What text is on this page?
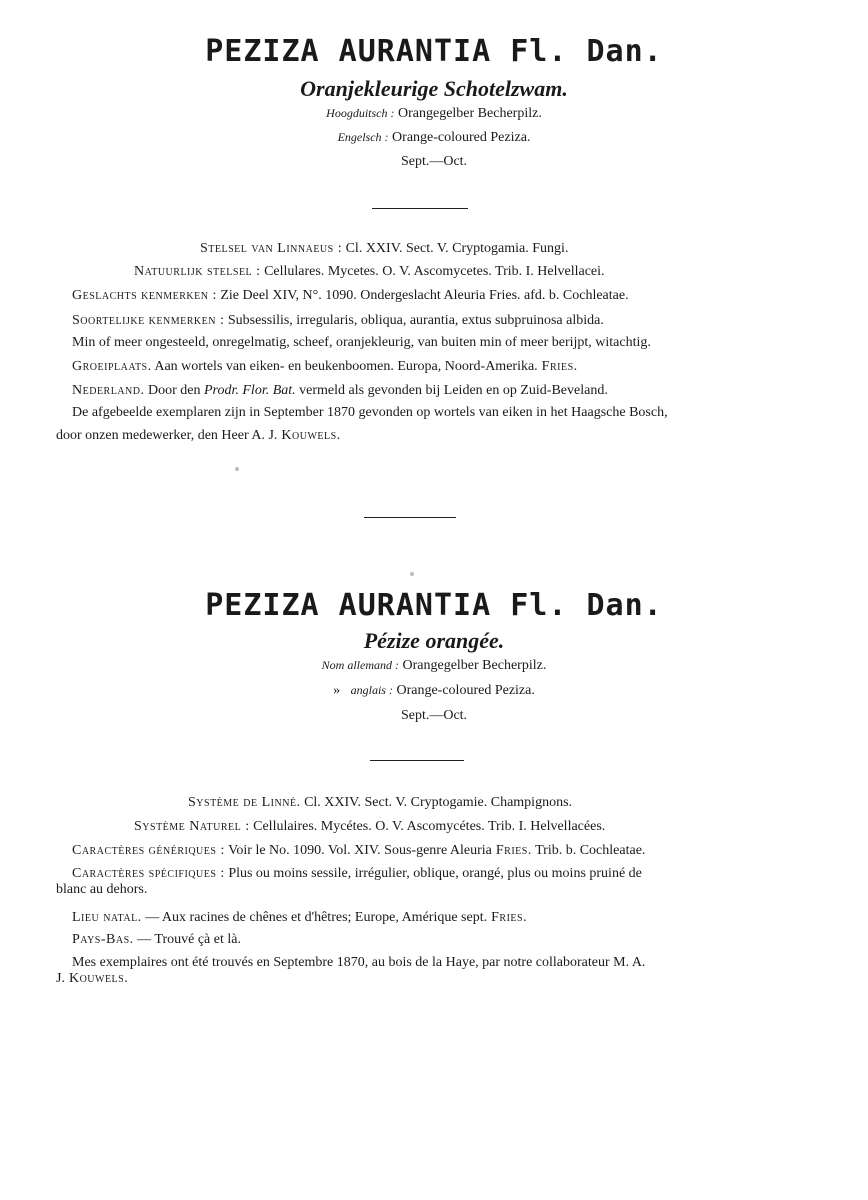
PEZIZA AURANTIA Fl. Dan.
Oranjekleurige Schotelzwam.
Hoogduitsch : Orangegelber Becherpilz.
Engelsch : Orange-coloured Peziza.
Sept.—Oct.
Stelsel van Linnaeus : Cl. XXIV. Sect. V. Cryptogamia. Fungi.
Natuurlijk stelsel : Cellulares. Mycetes. O. V. Ascomycetes. Trib. I. Helvellacei.
Geslachts kenmerken : Zie Deel XIV, N°. 1090. Ondergeslacht Aleuria Fries. afd. b. Cochleatae.
Soortelijke kenmerken : Subsessilis, irregularis, obliqua, aurantia, extus subpruinosa albida.
Min of meer ongesteeld, onregelmatig, scheef, oranjekleurig, van buiten min of meer berijpt, witachtig.
Groeiplaats. Aan wortels van eiken- en beukenboomen. Europa, Noord-Amerika. Fries.
Nederland. Door den Prodr. Flor. Bat. vermeld als gevonden bij Leiden en op Zuid-Beveland.
De afgebeelde exemplaren zijn in September 1870 gevonden op wortels van eiken in het Haagsche Bosch,
door onzen medewerker, den Heer A. J. Kouwels.
PEZIZA AURANTIA Fl. Dan.
Pézize orangée.
Nom allemand : Orangegelber Becherpilz.
» anglais : Orange-coloured Peziza.
Sept.—Oct.
Système de Linné. Cl. XXIV. Sect. V. Cryptogamie. Champignons.
Système Naturel : Cellulaires. Mycétes. O. V. Ascomycétes. Trib. I. Helvellacées.
Caractères génériques : Voir le No. 1090. Vol. XIV. Sous-genre Aleuria Fries. Trib. b. Cochleatae.
Caractères spécifiques : Plus ou moins sessile, irrégulier, oblique, orangé, plus ou moins pruiné de
blanc au dehors.
Lieu natal. — Aux racines de chênes et d'hêtres; Europe, Amérique sept. Fries.
Pays-Bas. — Trouvé çà et là.
Mes exemplaires ont été trouvés en Septembre 1870, au bois de la Haye, par notre collaborateur M. A.
J. Kouwels.
